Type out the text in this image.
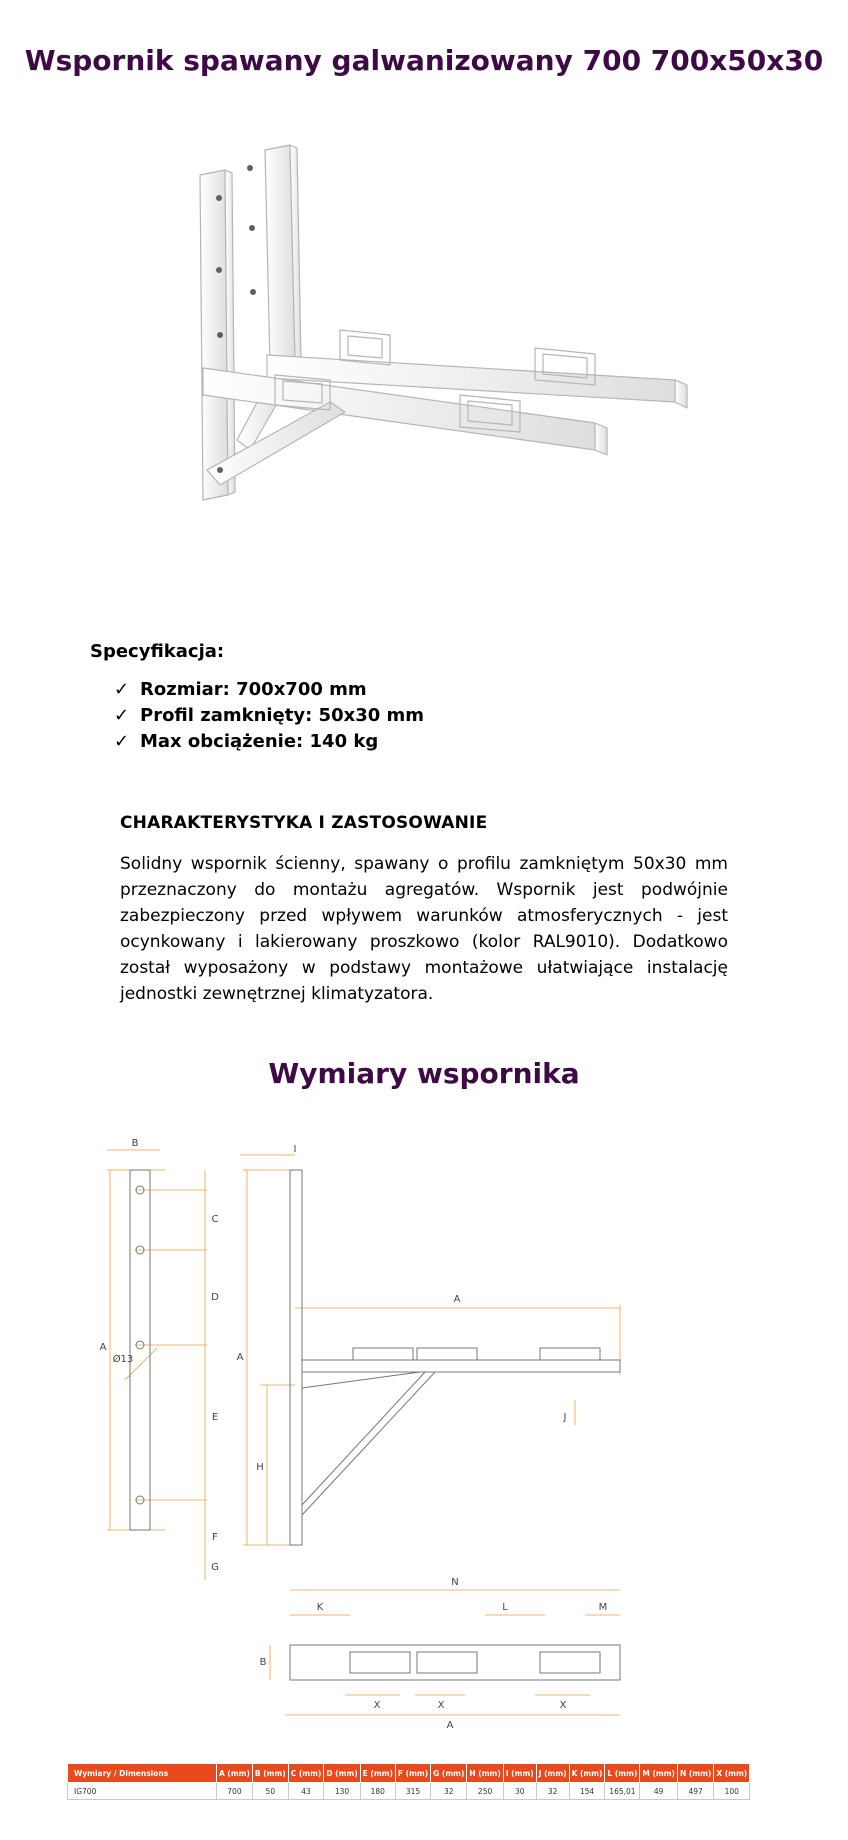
Wspornik spawany galwanizowany 700 700x50x30

Specyfikacja:

✓ Rozmiar: 700x700 mm
✓ Profil zamknięty: 50x30 mm
✓ Max obciążenie: 140 kg

CHARAKTERYSTYKA I ZASTOSOWANIE

Solidny wspornik ścienny, spawany o profilu zamkniętym 50x30 mm przeznaczony do montażu agregatów. Wspornik jest podwójnie zabezpieczony przed wpływem warunków atmosferycznych - jest ocynkowany i lakierowany proszkowo (kolor RAL9010). Dodatkowo został wyposażony w podstawy montażowe ułatwiające instalację jednostki zewnętrznej klimatyzatora.

Wymiary wspornika
B
A
C
D
E
F
G
Ø13
I
A
A
H
J
N
K	L	M
B
X	X	X
A
Wymiary / Dimensions	A (mm)	B (mm)	C (mm)	D (mm)	E (mm)	F (mm)	G (mm)	H (mm)	I (mm)	J (mm)	K (mm)	L (mm)	M (mm)	N (mm)	X (mm)
IG700	700	50	43	130	180	315	32	250	30	32	154	165,01	49	497	100
